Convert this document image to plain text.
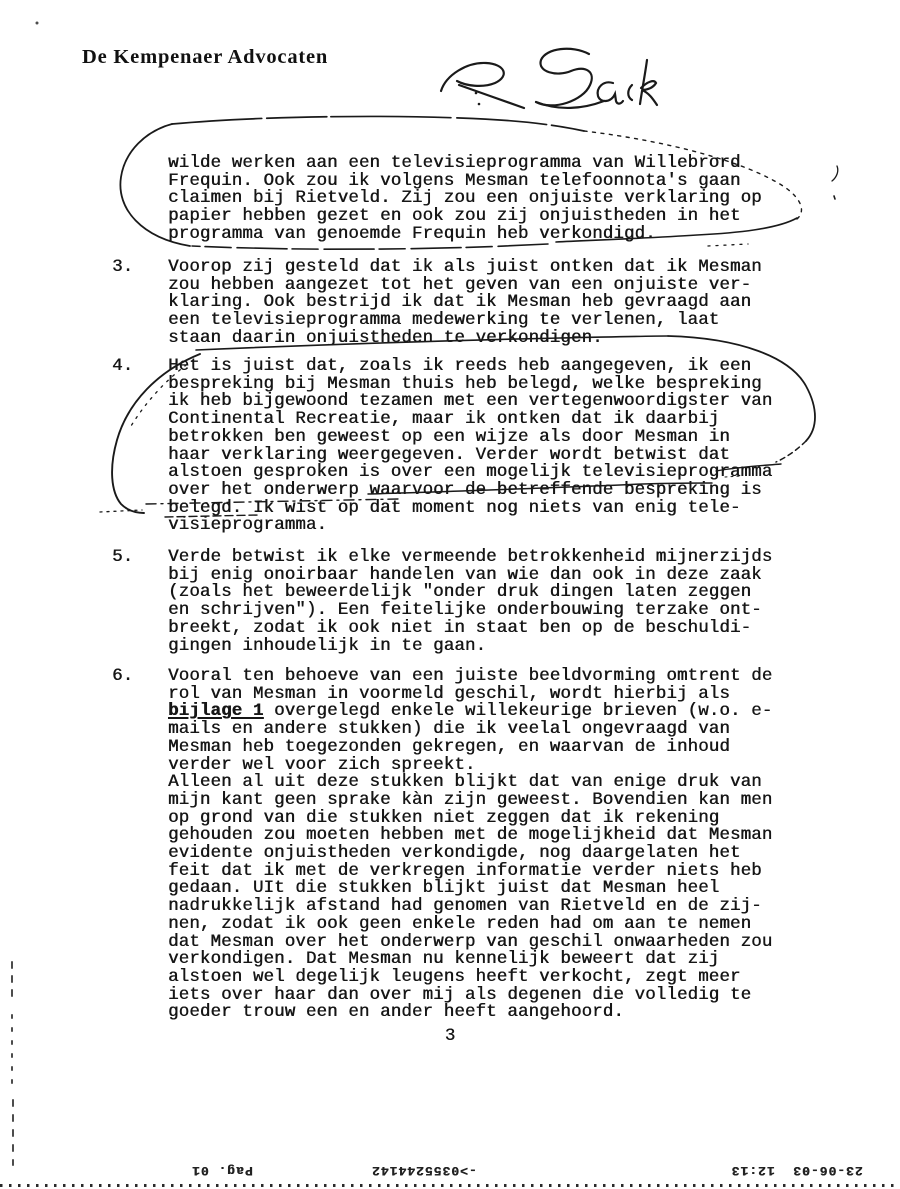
De Kempenaer Advocaten
wilde werken aan een televisieprogramma van Willebrord
Frequin. Ook zou ik volgens Mesman telefoonnota's gaan
claimen bij Rietveld. Zij zou een onjuiste verklaring op
papier hebben gezet en ook zou zij onjuistheden in het
programma van genoemde Frequin heb verkondigd.
3.	Voorop zij gesteld dat ik als juist ontken dat ik Mesman
zou hebben aangezet tot het geven van een onjuiste ver-
klaring. Ook bestrijd ik dat ik Mesman heb gevraagd aan
een televisieprogramma medewerking te verlenen, laat
staan daarin onjuistheden te verkondigen.
4.	Het is juist dat, zoals ik reeds heb aangegeven, ik een
bespreking bij Mesman thuis heb belegd, welke bespreking
ik heb bijgewoond tezamen met een vertegenwoordigster van
Continental Recreatie, maar ik ontken dat ik daarbij
betrokken ben geweest op een wijze als door Mesman in
haar verklaring weergegeven. Verder wordt betwist dat
alstoen gesproken is over een mogelijk televisieprogramma
over het onderwerp waarvoor de betreffende bespreking is
belegd. Ik wist op dat moment nog niets van enig tele-
visieprogramma.
5.	Verde betwist ik elke vermeende betrokkenheid mijnerzijds
bij enig onoirbaar handelen van wie dan ook in deze zaak
(zoals het beweerdelijk "onder druk dingen laten zeggen
en schrijven"). Een feitelijke onderbouwing terzake ont-
breekt, zodat ik ook niet in staat ben op de beschuldi-
gingen inhoudelijk in te gaan.
6.	Vooral ten behoeve van een juiste beeldvorming omtrent de
rol van Mesman in voormeld geschil, wordt hierbij als
bijlage 1 overgelegd enkele willekeurige brieven (w.o. e-
mails en andere stukken) die ik veelal ongevraagd van
Mesman heb toegezonden gekregen, en waarvan de inhoud
verder wel voor zich spreekt.
Alleen al uit deze stukken blijkt dat van enige druk van
mijn kant geen sprake kàn zijn geweest. Bovendien kan men
op grond van die stukken niet zeggen dat ik rekening
gehouden zou moeten hebben met de mogelijkheid dat Mesman
evidente onjuistheden verkondigde, nog daargelaten het
feit dat ik met de verkregen informatie verder niets heb
gedaan. UIt die stukken blijkt juist dat Mesman heel
nadrukkelijk afstand had genomen van Rietveld en de zij-
nen, zodat ik ook geen enkele reden had om aan te nemen
dat Mesman over het onderwerp van geschil onwaarheden zou
verkondigen. Dat Mesman nu kennelijk beweert dat zij
alstoen wel degelijk leugens heeft verkocht, zegt meer
iets over haar dan over mij als degenen die volledig te
goeder trouw een en ander heeft aangehoord.
3
23-06-03  12:13
->0355244142
Pag. 01
